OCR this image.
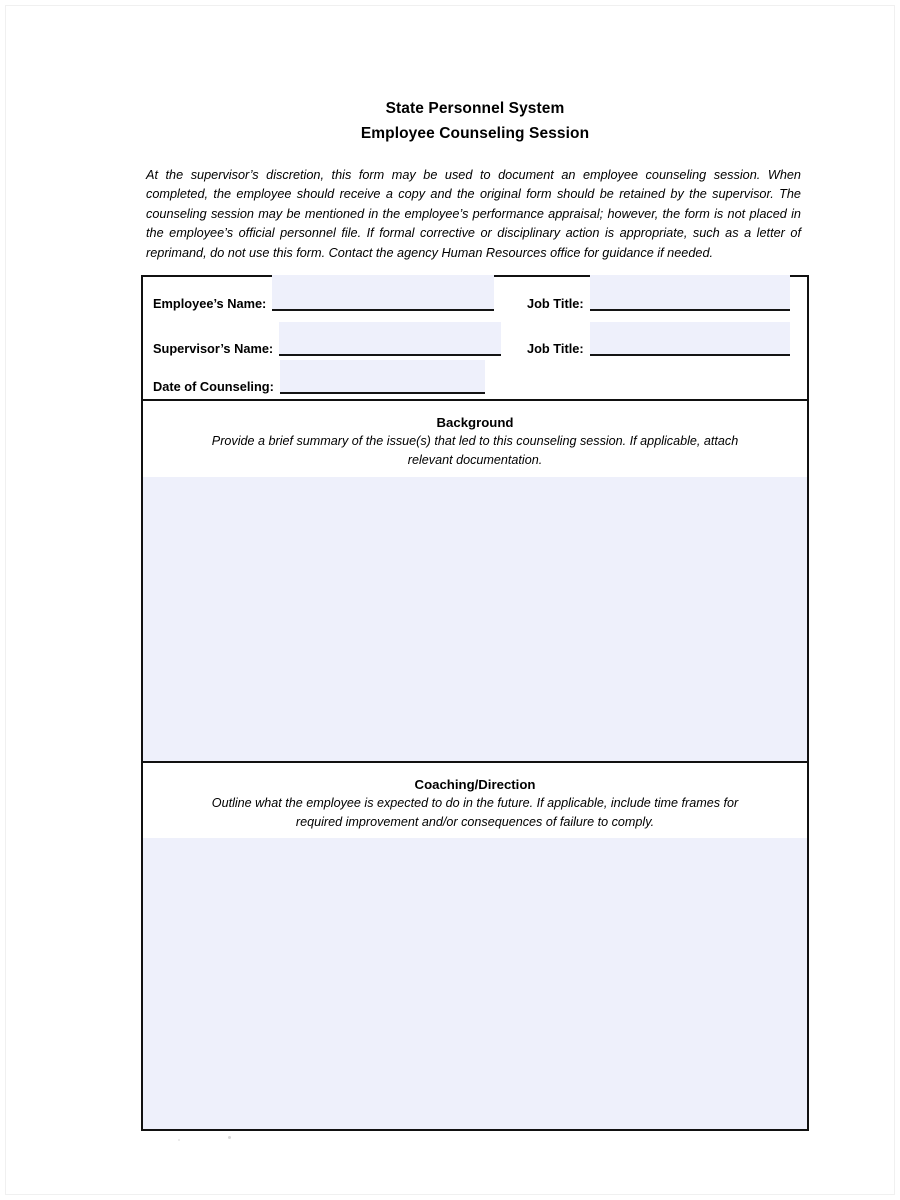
State Personnel System
Employee Counseling Session
At the supervisor’s discretion, this form may be used to document an employee counseling session. When completed, the employee should receive a copy and the original form should be retained by the supervisor. The counseling session may be mentioned in the employee’s performance appraisal; however, the form is not placed in the employee’s official personnel file. If formal corrective or disciplinary action is appropriate, such as a letter of reprimand, do not use this form. Contact the agency Human Resources office for guidance if needed.
Employee’s Name:	Job Title:
Supervisor’s Name:	Job Title:
Date of Counseling:
Background
Provide a brief summary of the issue(s) that led to this counseling session. If applicable, attach relevant documentation.
Coaching/Direction
Outline what the employee is expected to do in the future. If applicable, include time frames for required improvement and/or consequences of failure to comply.
